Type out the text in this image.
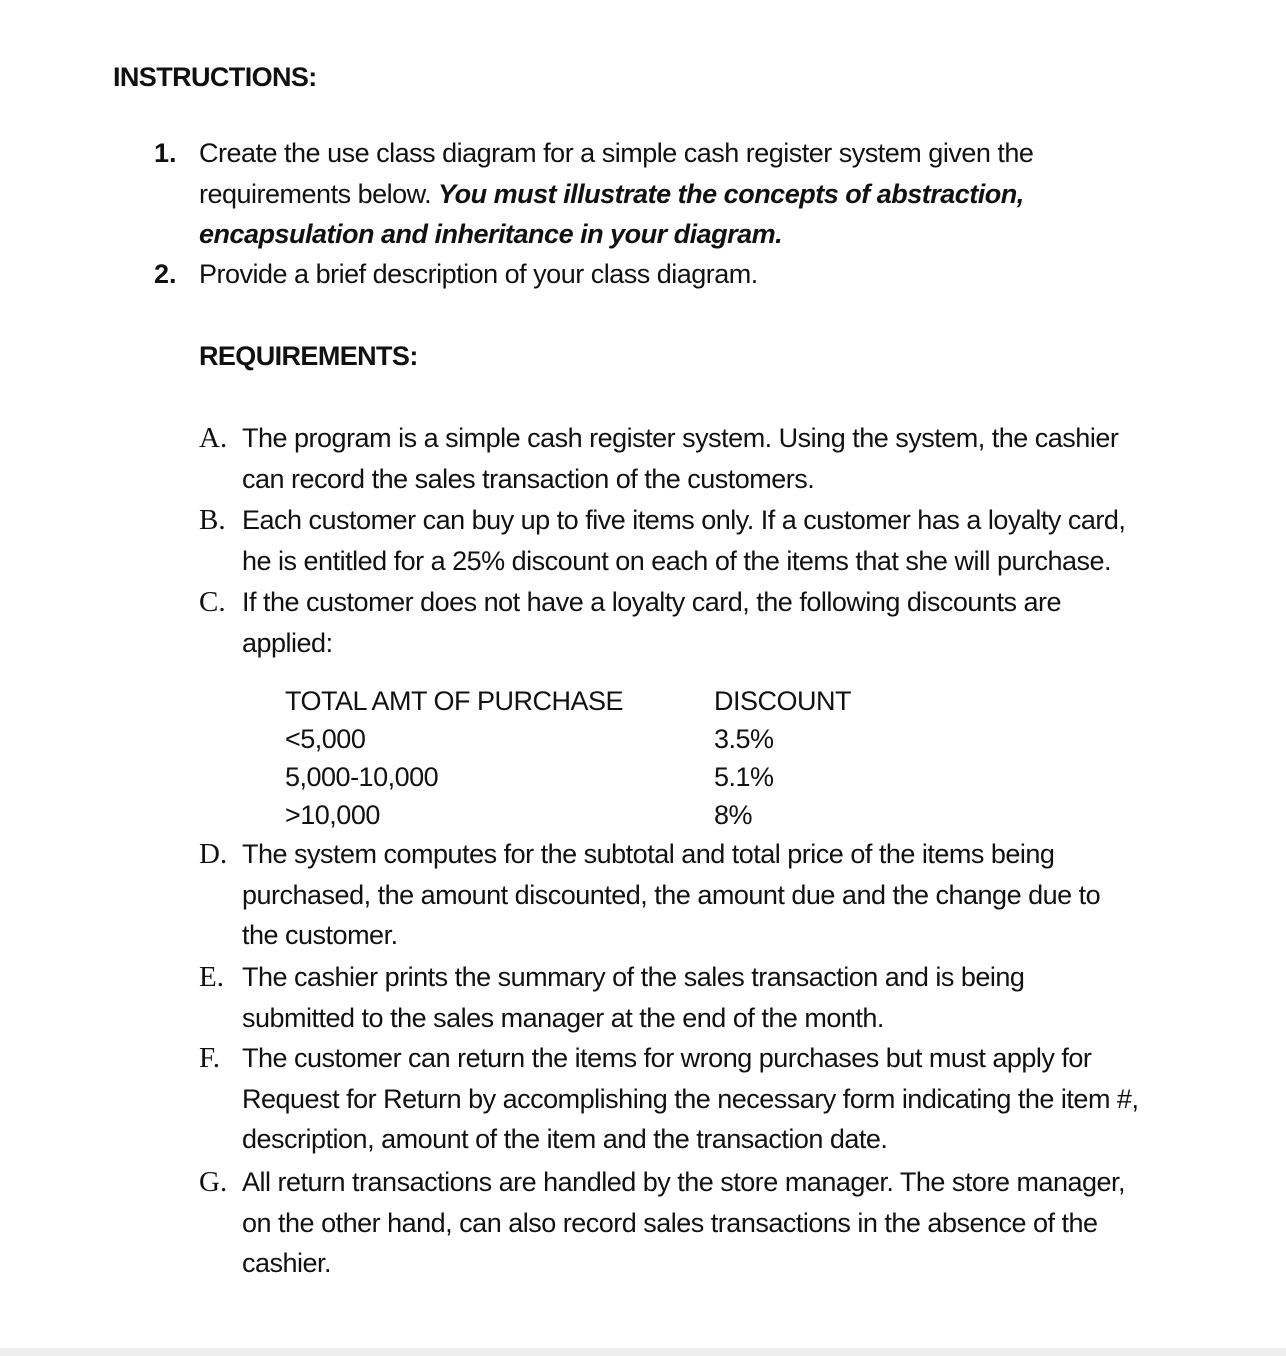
INSTRUCTIONS:
1. Create the use class diagram for a simple cash register system given the
requirements below. You must illustrate the concepts of abstraction,
encapsulation and inheritance in your diagram.
2. Provide a brief description of your class diagram.
REQUIREMENTS:
A. The program is a simple cash register system. Using the system, the cashier
can record the sales transaction of the customers.
B. Each customer can buy up to five items only. If a customer has a loyalty card,
he is entitled for a 25% discount on each of the items that she will purchase.
C. If the customer does not have a loyalty card, the following discounts are
applied:
TOTAL AMT OF PURCHASE
<5,000
5,000-10,000
>10,000
DISCOUNT
3.5%
5.1%
8%
D. The system computes for the subtotal and total price of the items being
purchased, the amount discounted, the amount due and the change due to
the customer.
E. The cashier prints the summary of the sales transaction and is being
submitted to the sales manager at the end of the month.
F. The customer can return the items for wrong purchases but must apply for
Request for Return by accomplishing the necessary form indicating the item #,
description, amount of the item and the transaction date.
G. All return transactions are handled by the store manager. The store manager,
on the other hand, can also record sales transactions in the absence of the
cashier.
